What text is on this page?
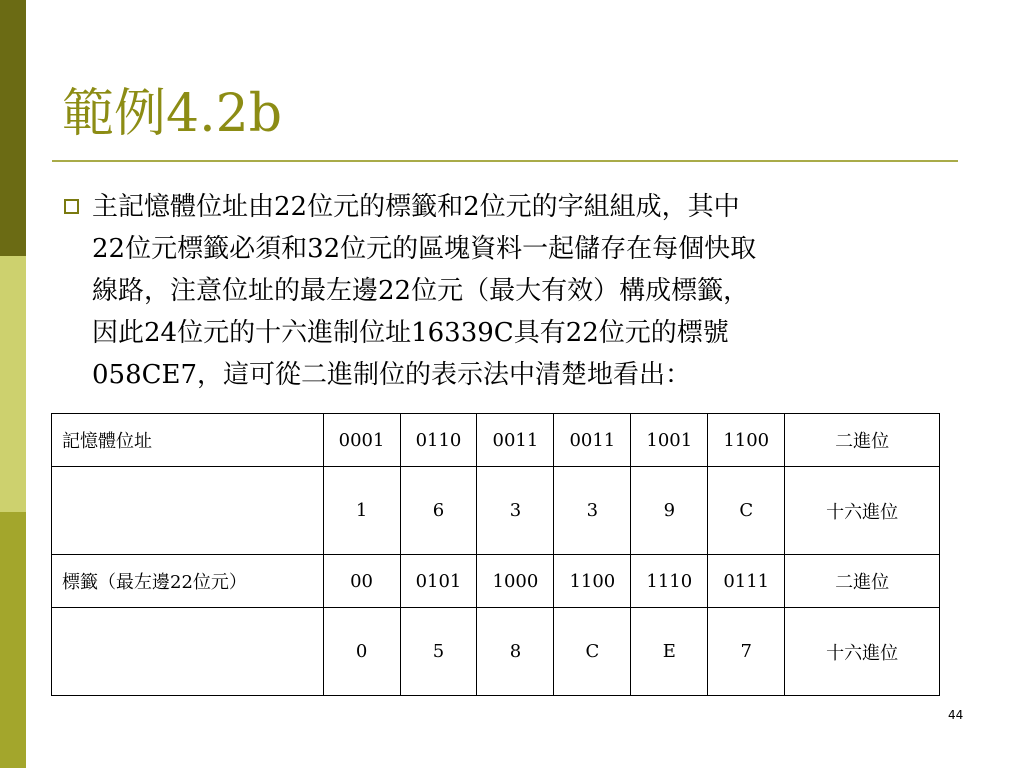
範例4.2b
主記憶體位址由22位元的標籤和2位元的字組組成，其中
22位元標籤必須和32位元的區塊資料一起儲存在每個快取
線路，注意位址的最左邊22位元（最大有效）構成標籤，
因此24位元的十六進制位址16339C具有22位元的標號
058CE7，這可從二進制位的表示法中清楚地看出：
記憶體位址	0001	0110	0011	0011	1001	1100	二進位
	1	6	3	3	9	C	十六進位
標籤（最左邊22位元）	00	0101	1000	1100	1110	0111	二進位
	0	5	8	C	E	7	十六進位
44
